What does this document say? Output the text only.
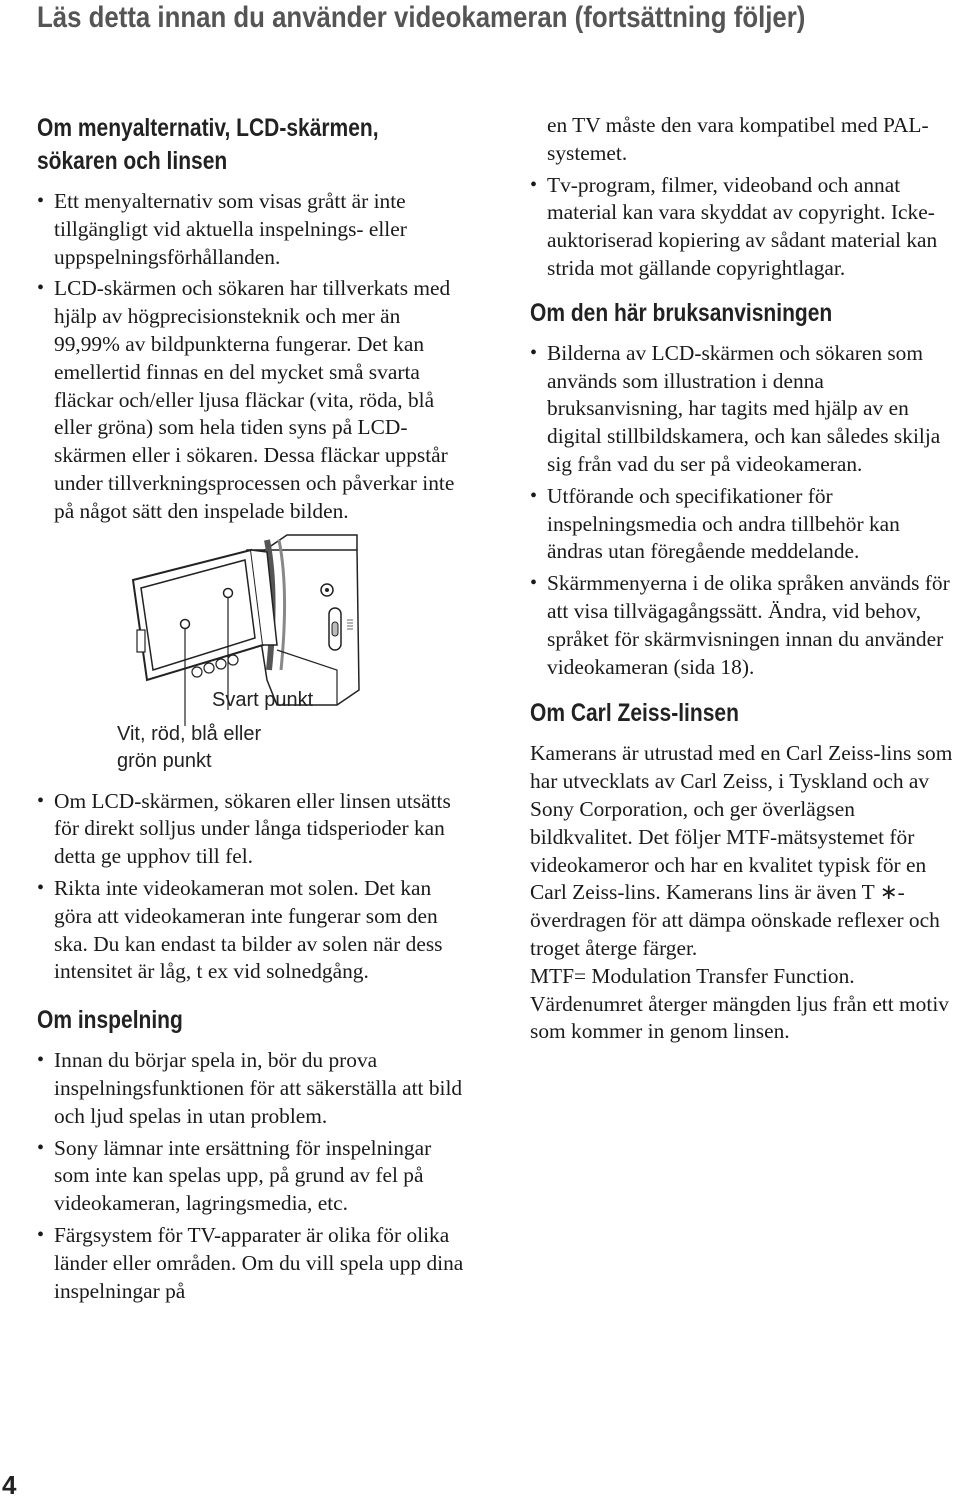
Läs detta innan du använder videokameran (fortsättning följer)
Om menyalternativ, LCD-skärmen,
sökaren och linsen
• Ett menyalternativ som visas grått är inte tillgängligt vid aktuella inspelnings- eller uppspelningsförhållanden.
• LCD-skärmen och sökaren har tillverkats med hjälp av högprecisionsteknik och mer än 99,99% av bildpunkterna fungerar. Det kan emellertid finnas en del mycket små svarta fläckar och/eller ljusa fläckar (vita, röda, blå eller gröna) som hela tiden syns på LCD-skärmen eller i sökaren. Dessa fläckar uppstår under tillverkningsprocessen och påverkar inte på något sätt den inspelade bilden.
Svart punkt
Vit, röd, blå eller
grön punkt
• Om LCD-skärmen, sökaren eller linsen utsätts för direkt solljus under långa tidsperioder kan detta ge upphov till fel.
• Rikta inte videokameran mot solen. Det kan göra att videokameran inte fungerar som den ska. Du kan endast ta bilder av solen när dess intensitet är låg, t ex vid solnedgång.
Om inspelning
• Innan du börjar spela in, bör du prova inspelningsfunktionen för att säkerställa att bild och ljud spelas in utan problem.
• Sony lämnar inte ersättning för inspelningar som inte kan spelas upp, på grund av fel på videokameran, lagringsmedia, etc.
• Färgsystem för TV-apparater är olika för olika länder eller områden. Om du vill spela upp dina inspelningar på

en TV måste den vara kompatibel med PAL-systemet.

• Tv-program, filmer, videoband och annat material kan vara skyddat av copyright. Icke-auktoriserad kopiering av sådant material kan strida mot gällande copyrightlagar.
Om den här bruksanvisningen
• Bilderna av LCD-skärmen och sökaren som används som illustration i denna bruksanvisning, har tagits med hjälp av en digital stillbildskamera, och kan således skilja sig från vad du ser på videokameran.
• Utförande och specifikationer för inspelningsmedia och andra tillbehör kan ändras utan föregående meddelande.
• Skärmmenyerna i de olika språken används för att visa tillvägagångssätt. Ändra, vid behov, språket för skärmvisningen innan du använder videokameran (sida 18).
Om Carl Zeiss-linsen

Kamerans är utrustad med en Carl Zeiss-lins som har utvecklats av Carl Zeiss, i Tyskland och av Sony Corporation, och ger överlägsen bildkvalitet. Det följer MTF-mätsystemet för videokameror och har en kvalitet typisk för en Carl Zeiss-lins. Kamerans lins är även T ∗-överdragen för att dämpa oönskade reflexer och troget återge färger.

MTF= Modulation Transfer Function. Värdenumret återger mängden ljus från ett motiv som kommer in genom linsen.

4
